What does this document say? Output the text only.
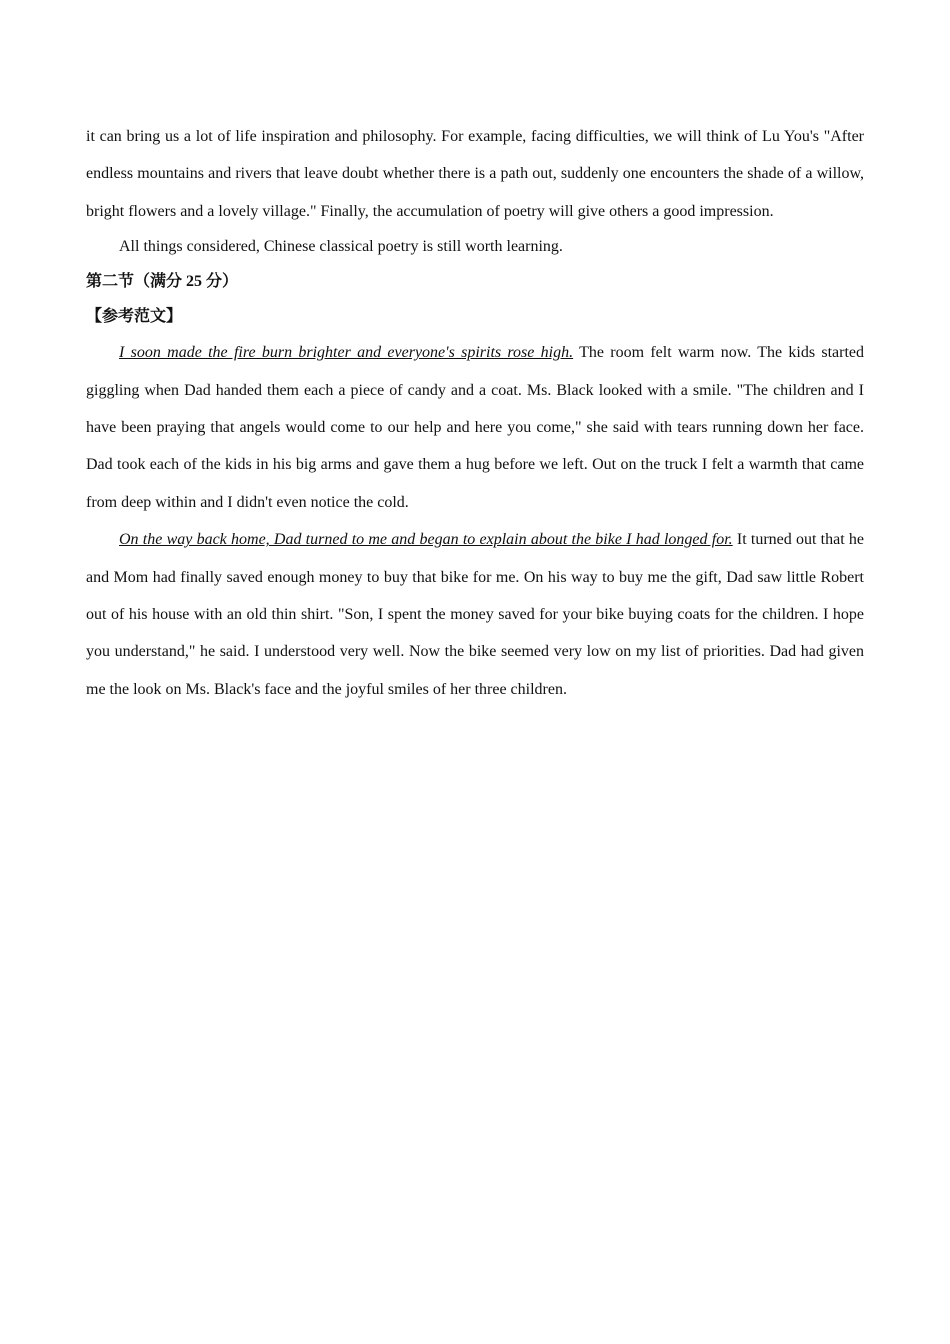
it can bring us a lot of life inspiration and philosophy. For example, facing difficulties, we will think of Lu You's "After endless mountains and rivers that leave doubt whether there is a path out, suddenly one encounters the shade of a willow, bright flowers and a lovely village." Finally, the accumulation of poetry will give others a good impression.

All things considered, Chinese classical poetry is still worth learning.

第二节（满分 25 分）

【参考范文】

I soon made the fire burn brighter and everyone's spirits rose high. The room felt warm now. The kids started giggling when Dad handed them each a piece of candy and a coat. Ms. Black looked with a smile. "The children and I have been praying that angels would come to our help and here you come," she said with tears running down her face. Dad took each of the kids in his big arms and gave them a hug before we left. Out on the truck I felt a warmth that came from deep within and I didn't even notice the cold.

On the way back home, Dad turned to me and began to explain about the bike I had longed for. It turned out that he and Mom had finally saved enough money to buy that bike for me. On his way to buy me the gift, Dad saw little Robert out of his house with an old thin shirt. "Son, I spent the money saved for your bike buying coats for the children. I hope you understand," he said. I understood very well. Now the bike seemed very low on my list of priorities. Dad had given me the look on Ms. Black's face and the joyful smiles of her three children.
